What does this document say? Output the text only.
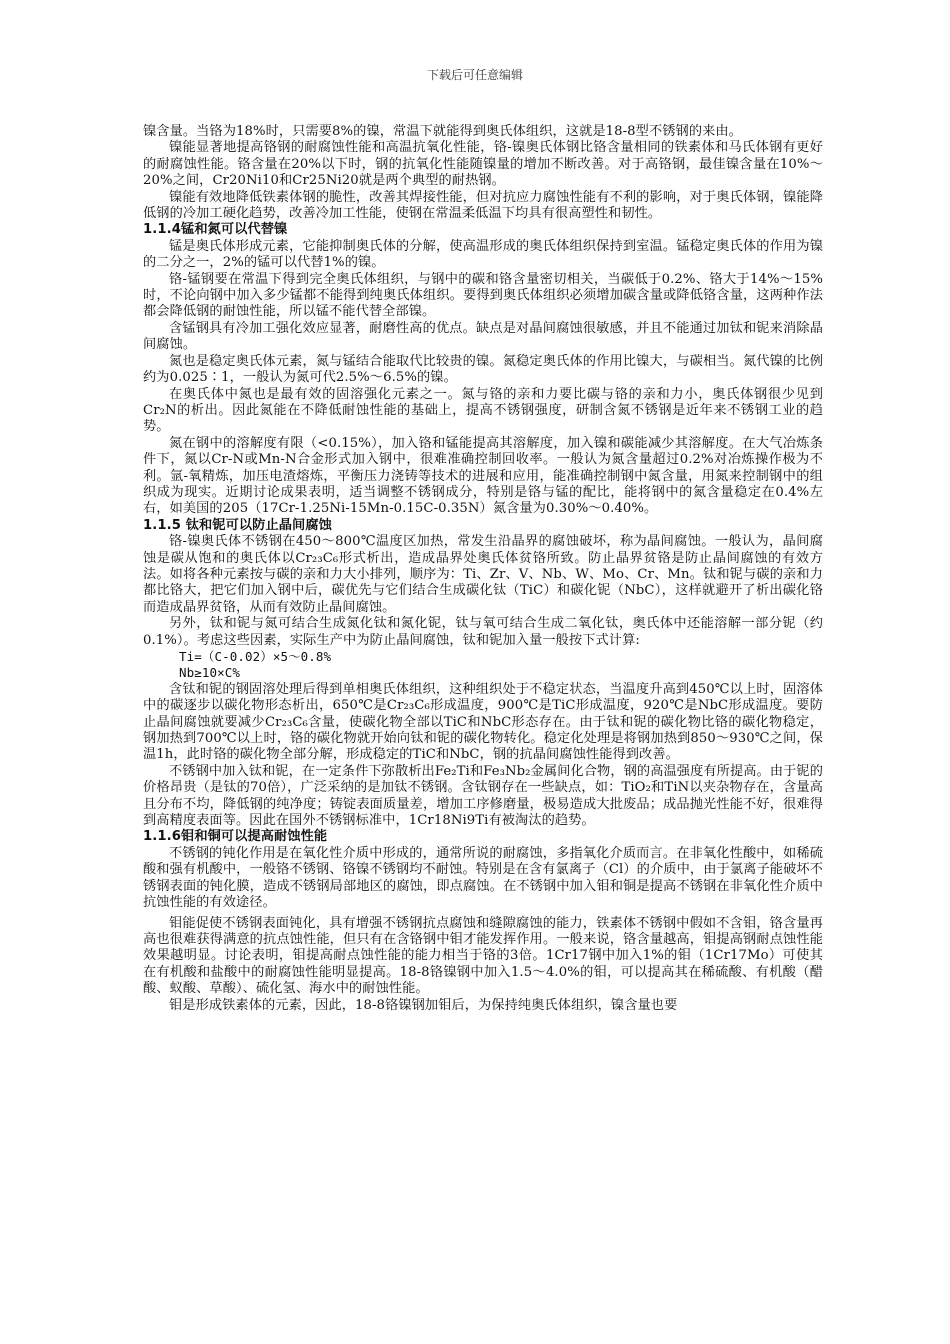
下载后可任意编辑

镍含量。当铬为18%时，只需要8%的镍，常温下就能得到奥氏体组织，这就是18-8型不锈钢的来由。

镍能显著地提高铬钢的耐腐蚀性能和高温抗氧化性能，铬-镍奥氏体钢比铬含量相同的铁素体和马氏体钢有更好的耐腐蚀性能。铬含量在20%以下时，钢的抗氧化性能随镍量的增加不断改善。对于高铬钢，最佳镍含量在10%～20%之间，Cr20Ni10和Cr25Ni20就是两个典型的耐热钢。

镍能有效地降低铁素体钢的脆性，改善其焊接性能，但对抗应力腐蚀性能有不利的影响，对于奥氏体钢，镍能降低钢的冷加工硬化趋势，改善冷加工性能，使钢在常温柔低温下均具有很高塑性和韧性。

1.1.4锰和氮可以代替镍

锰是奥氏体形成元素，它能抑制奥氏体的分解，使高温形成的奥氏体组织保持到室温。锰稳定奥氏体的作用为镍的二分之一，2%的锰可以代替1%的镍。

铬-锰钢要在常温下得到完全奥氏体组织，与钢中的碳和铬含量密切相关，当碳低于0.2%、铬大于14%～15%时，不论向钢中加入多少锰都不能得到纯奥氏体组织。要得到奥氏体组织必须增加碳含量或降低铬含量，这两种作法都会降低钢的耐蚀性能，所以锰不能代替全部镍。

含锰钢具有冷加工强化效应显著，耐磨性高的优点。缺点是对晶间腐蚀很敏感，并且不能通过加钛和铌来消除晶间腐蚀。

氮也是稳定奥氏体元素，氮与锰结合能取代比较贵的镍。氮稳定奥氏体的作用比镍大，与碳相当。氮代镍的比例约为0.025∶1，一般认为氮可代2.5%～6.5%的镍。

在奥氏体中氮也是最有效的固溶强化元素之一。氮与铬的亲和力要比碳与铬的亲和力小，奥氏体钢很少见到Cr₂N的析出。因此氮能在不降低耐蚀性能的基础上，提高不锈钢强度，研制含氮不锈钢是近年来不锈钢工业的趋势。

氮在钢中的溶解度有限（<0.15%），加入铬和锰能提高其溶解度，加入镍和碳能减少其溶解度。在大气冶炼条件下，氮以Cr-N或Mn-N合金形式加入钢中，很难准确控制回收率。一般认为氮含量超过0.2%对冶炼操作极为不利。氩-氧精炼，加压电渣熔炼，平衡压力浇铸等技术的进展和应用，能准确控制钢中氮含量，用氮来控制钢中的组织成为现实。近期讨论成果表明，适当调整不锈钢成分，特别是铬与锰的配比，能将钢中的氮含量稳定在0.4%左右，如美国的205（17Cr-1.25Ni-15Mn-0.15C-0.35N）氮含量为0.30%～0.40%。

1.1.5 钛和铌可以防止晶间腐蚀

铬-镍奥氏体不锈钢在450～800℃温度区加热，常发生沿晶界的腐蚀破坏，称为晶间腐蚀。一般认为，晶间腐蚀是碳从饱和的奥氏体以Cr₂₃C₆形式析出，造成晶界处奥氏体贫铬所致。防止晶界贫铬是防止晶间腐蚀的有效方法。如将各种元素按与碳的亲和力大小排列，顺序为：Ti、Zr、V、Nb、W、Mo、Cr、Mn。钛和铌与碳的亲和力都比铬大，把它们加入钢中后，碳优先与它们结合生成碳化钛（TiC）和碳化铌（NbC），这样就避开了析出碳化铬而造成晶界贫铬，从而有效防止晶间腐蚀。

另外，钛和铌与氮可结合生成氮化钛和氮化铌，钛与氧可结合生成二氧化钛，奥氏体中还能溶解一部分铌（约0.1%）。考虑这些因素，实际生产中为防止晶间腐蚀，钛和铌加入量一般按下式计算:

Ti=（C-0.02）×5～0.8%

Nb≥10×C%

含钛和铌的钢固溶处理后得到单相奥氏体组织，这种组织处于不稳定状态，当温度升高到450℃以上时，固溶体中的碳逐步以碳化物形态析出，650℃是Cr₂₃C₆形成温度，900℃是TiC形成温度，920℃是NbC形成温度。要防止晶间腐蚀就要减少Cr₂₃C₆含量，使碳化物全部以TiC和NbC形态存在。由于钛和铌的碳化物比铬的碳化物稳定，钢加热到700℃以上时，铬的碳化物就开始向钛和铌的碳化物转化。稳定化处理是将钢加热到850～930℃之间，保温1h，此时铬的碳化物全部分解，形成稳定的TiC和NbC，钢的抗晶间腐蚀性能得到改善。

不锈钢中加入钛和铌，在一定条件下弥散析出Fe₂Ti和Fe₃Nb₂金属间化合物，钢的高温强度有所提高。由于铌的价格昂贵（是钛的70倍），广泛采纳的是加钛不锈钢。含钛钢存在一些缺点，如：TiO₂和TiN以夹杂物存在，含量高且分布不均，降低钢的纯净度；铸锭表面质量差，增加工序修磨量，极易造成大批废品；成品抛光性能不好，很难得到高精度表面等。因此在国外不锈钢标准中，1Cr18Ni9Ti有被淘汰的趋势。

1.1.6钼和铜可以提高耐蚀性能

不锈钢的钝化作用是在氧化性介质中形成的，通常所说的耐腐蚀，多指氧化介质而言。在非氧化性酸中，如稀硫酸和强有机酸中，一般铬不锈钢、铬镍不锈钢均不耐蚀。特别是在含有氯离子（Cl）的介质中，由于氯离子能破坏不锈钢表面的钝化膜，造成不锈钢局部地区的腐蚀，即点腐蚀。在不锈钢中加入钼和铜是提高不锈钢在非氧化性介质中抗蚀性能的有效途径。

钼能促使不锈钢表面钝化，具有增强不锈钢抗点腐蚀和缝隙腐蚀的能力，铁素体不锈钢中假如不含钼，铬含量再高也很难获得满意的抗点蚀性能，但只有在含铬钢中钼才能发挥作用。一般来说，铬含量越高，钼提高钢耐点蚀性能效果越明显。讨论表明，钼提高耐点蚀性能的能力相当于铬的3倍。1Cr17钢中加入1%的钼（1Cr17Mo）可使其在有机酸和盐酸中的耐腐蚀性能明显提高。18-8铬镍钢中加入1.5～4.0%的钼，可以提高其在稀硫酸、有机酸（醋酸、蚁酸、草酸）、硫化氢、海水中的耐蚀性能。

钼是形成铁素体的元素，因此，18-8铬镍钢加钼后，为保持纯奥氏体组织，镍含量也要
